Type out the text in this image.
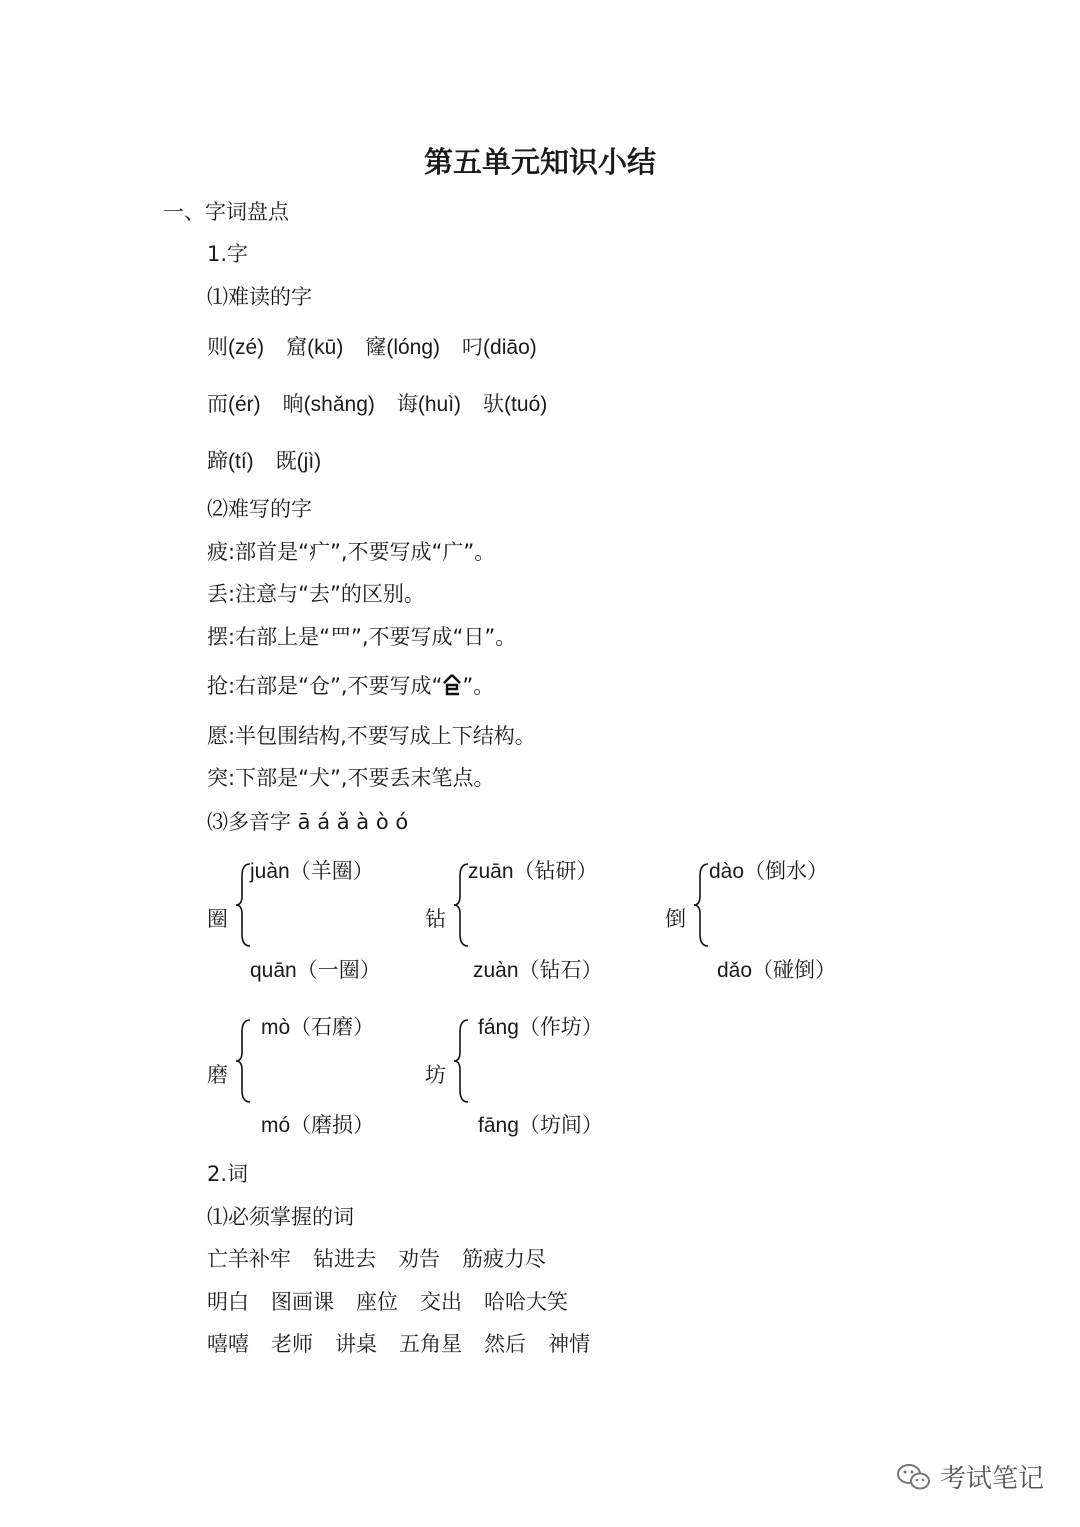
第五单元知识小结
一、字词盘点
1.字
⑴难读的字
则(zé) 窟(kū) 窿(lóng) 叼(diāo)
而(ér) 晌(shǎng) 诲(huì) 驮(tuó)
蹄(tí) 既(jì)
⑵难写的字
疲:部首是“疒”,不要写成“广”。
丢:注意与“去”的区别。
摆:右部上是“罒”,不要写成“日”。
抢:右部是“仓”,不要写成“ ”。
愿:半包围结构,不要写成上下结构。
突:下部是“犬”,不要丢末笔点。
⑶多音字 ā á ǎ à ò ó
圈
juàn（羊圈）
quān（一圈）
钻
zuān（钻研）
zuàn（钻石）
倒
dào（倒水）
dǎo（碰倒）
磨
mò（石磨）
mó（磨损）
坊
fáng（作坊）
fāng（坊间）
2.词
⑴必须掌握的词
亡羊补牢 钻进去 劝告 筋疲力尽
明白 图画课 座位 交出 哈哈大笑
嘻嘻 老师 讲桌 五角星 然后 神情
考试笔记
